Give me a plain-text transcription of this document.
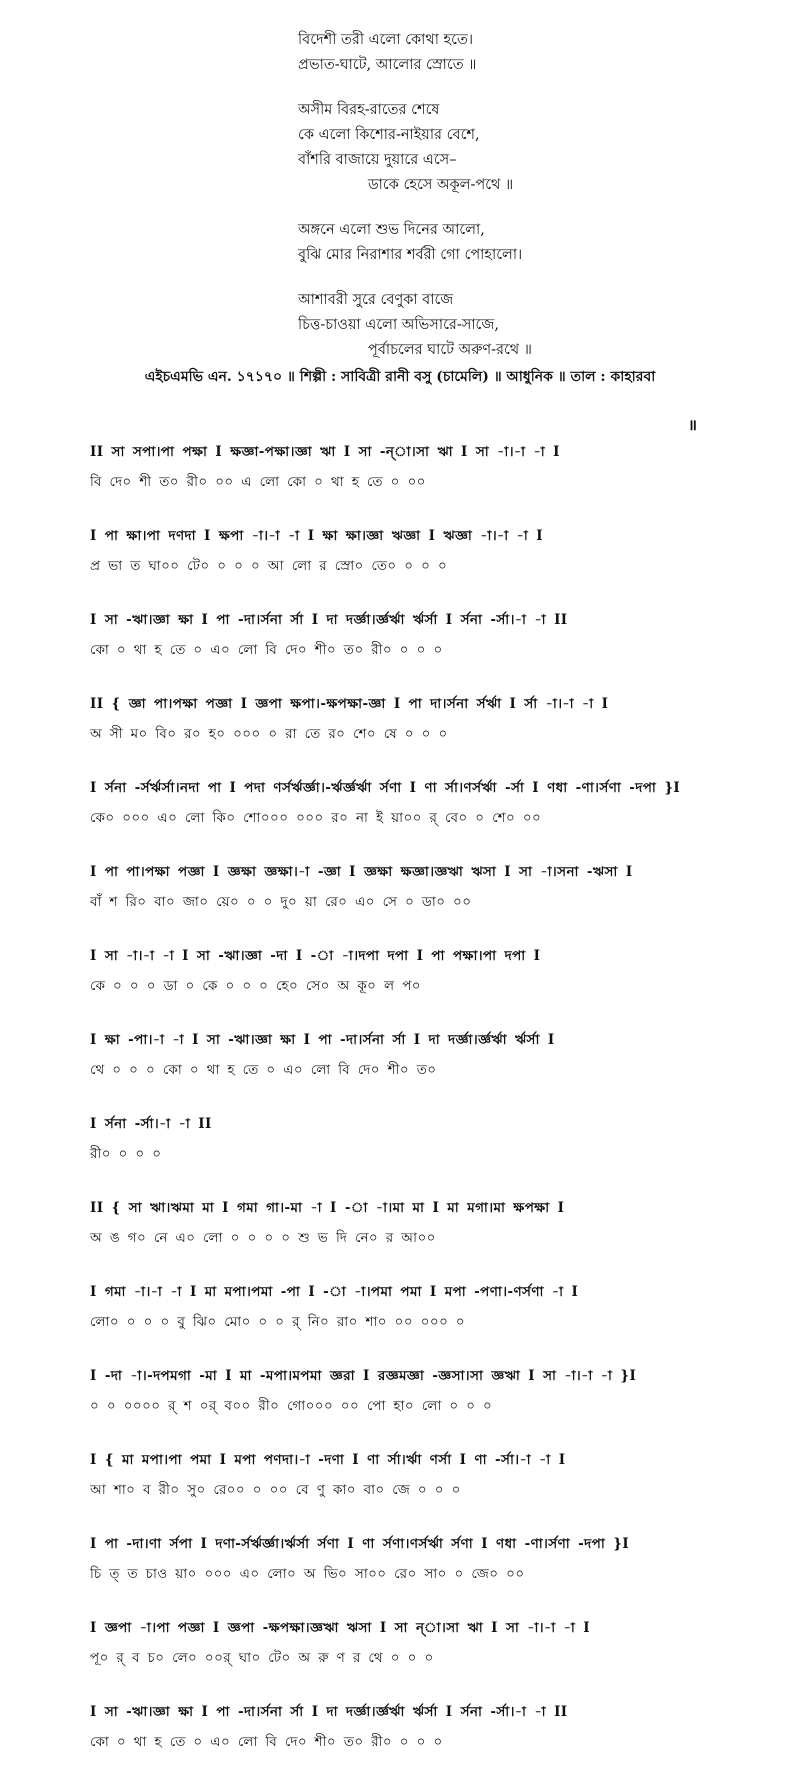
বিদেশী তরী এলো কোথা হতে।
প্রভাত-ঘাটে, আলোর স্রোতে ॥
অসীম বিরহ-রাতের শেষে
কে এলো কিশোর-নাইয়ার বেশে,
বাঁশরি বাজায়ে দুয়ারে এসে–
ডাকে হেসে অকূল-পথে ॥
অঙ্গনে এলো শুভ দিনের আলো,
বুঝি মোর নিরাশার শর্বরী গো পোহালো।
আশাবরী সুরে বেণুকা বাজে
চিত্ত-চাওয়া এলো অভিসারে-সাজে,
পূর্বাচলের ঘাটে অরুণ-রথে ॥
এইচএমভি এন. ১৭১৭০ ॥ শিল্পী : সাবিত্রী রানী বসু (চামেলি) ॥ আধুনিক ॥ তাল : কাহারবা
॥
II সা সপা।পা পক্ষা I ক্ষজ্ঞা-পক্ষা।জ্ঞা ঋা I সা -ন্‌া।সা ঋা I সা -া।-া -া I
বি দে০ শী ত০ রী০ ০০ এ লো কো ০ থা হ তে ০ ০০
I পা ক্ষা।পা দণদা I ক্ষপা -া।-া -া I ক্ষা ক্ষা।জ্ঞা ঋজ্ঞা I ঋজ্ঞা -া।-া -া I
প্র ভা ত ঘা০০ টে০ ০ ০ ০ আ লো র স্রো০ তে০ ০ ০ ০
I সা -ঋা।জ্ঞা ক্ষা I পা -দা।র্সনা র্সা I দা দর্জ্ঞা।র্জ্ঞর্ঋা র্ঋর্সা I র্সনা -র্সা।-া -া II
কো ০ থা হ তে ০ এ০ লো বি দে০ শী০ ত০ রী০ ০ ০ ০
II { জ্ঞা পা।পক্ষা পজ্ঞা I জ্ঞপা ক্ষপা।-ক্ষপক্ষা-জ্ঞা I পা দা।র্সনা র্সর্ঋা I র্সা -া।-া -া I
অ সী ম০ বি০ র০ হ০ ০০০ ০ রা তে র০ শে০ ষে ০ ০ ০
I র্সনা -র্সর্ঋর্সা।নদা পা I পদা ণর্সর্ঋর্জ্ঞা।-র্ঋর্জ্ঞর্ঋা র্সণা I ণা র্সা।ণর্সর্ঋা -র্সা I ণধা -ণা।র্সণা -দপা }I
কে০ ০০০ এ০ লো কি০ শো০০০ ০০০ র০ না ই য়া০০ র্ বে০ ০ শে০ ০০
I পা পা।পক্ষা পজ্ঞা I জ্ঞক্ষা জ্ঞক্ষা।-া -জ্ঞা I জ্ঞক্ষা ক্ষজ্ঞা।জ্ঞঋা ঋসা I সা -া।সনা -ঋসা I
বাঁ শ রি০ বা০ জা০ য়ে০ ০ ০ দু০ য়া রে০ এ০ সে ০ ডা০ ০০
I সা -া।-া -া I সা -ঋা।জ্ঞা -দা I -া -া।দপা দপা I পা পক্ষা।পা দপা I
কে ০ ০ ০ ডা ০ কে ০ ০ ০ হে০ সে০ অ কূ০ ল প০
I ক্ষা -পা।-া -া I সা -ঋা।জ্ঞা ক্ষা I পা -দা।র্সনা র্সা I দা দর্জ্ঞা।র্জ্ঞর্ঋা র্ঋর্সা I
থে ০ ০ ০ কো ০ থা হ তে ০ এ০ লো বি দে০ শী০ ত০
I র্সনা -র্সা।-া -া II
রী০ ০ ০ ০
II { সা ঋা।ঋমা মা I গমা গা।-মা -া I -া -া।মা মা I মা মগা।মা ক্ষপক্ষা I
অ ঙ গ০ নে এ০ লো ০ ০ ০ ০ শু ভ দি নে০ র আ০০
I গমা -া।-া -া I মা মপা।পমা -পা I -া -া।পমা পমা I মপা -পণা।-ণর্সণা -া I
লো০ ০ ০ ০ বু ঝি০ মো০ ০ ০ র্ নি০ রা০ শা০ ০০ ০০০ ০
I -দা -া।-দপমগা -মা I মা -মপা।মপমা জ্ঞরা I রজ্ঞমজ্ঞা -জ্ঞসা।সা জ্ঞঋা I সা -া।-া -া }I
০ ০ ০০০০ র্ শ ০র্ ব০০ রী০ গো০০০ ০০ পো হা০ লো ০ ০ ০
I { মা মপা।পা পমা I মপা পণদা।-া -দণা I ণা র্সা।র্ঋা ণর্সা I ণা -র্সা।-া -া I
আ শা০ ব রী০ সু০ রে০০ ০ ০০ বে ণু কা০ বা০ জে ০ ০ ০
I পা -দা।ণা র্সপা I দণা-র্সর্ঋর্জ্ঞা।র্ঋর্সা র্সণা I ণা র্সণা।ণর্সর্ঋা র্সণা I ণধা -ণা।র্সণা -দপা }I
চি ত্ ত চাও য়া০ ০০০ এ০ লো০ অ ভি০ সা০০ রে০ সা০ ০ জে০ ০০
I জ্ঞপা -া।পা পজ্ঞা I জ্ঞপা -ক্ষপক্ষা।জ্ঞঋা ঋসা I সা ন্‌া।সা ঋা I সা -া।-া -া I
পূ০ র্ ব চ০ লে০ ০০র্ ঘা০ টে০ অ রু ণ র থে ০ ০ ০
I সা -ঋা।জ্ঞা ক্ষা I পা -দা।র্সনা র্সা I দা দর্জ্ঞা।র্জ্ঞর্ঋা র্ঋর্সা I র্সনা -র্সা।-া -া II
কো ০ থা হ তে ০ এ০ লো বি দে০ শী০ ত০ রী০ ০ ০ ০
